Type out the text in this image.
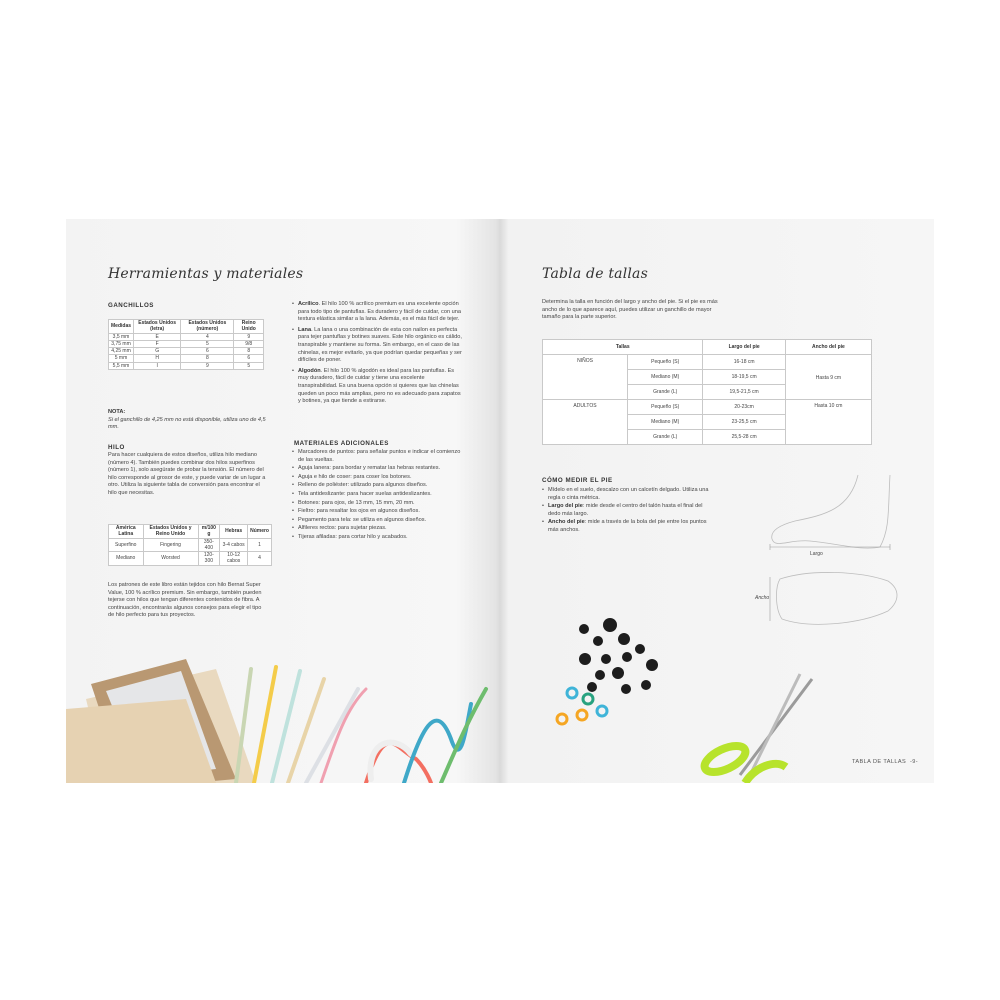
Herramientas y materiales
GANCHILLOS
Medidas	Estados Unidos (letra)	Estados Unidos (número)	Reino Unido
3,5 mm	E	4	9
3,75 mm	F	5	9/8
4,25 mm	G	6	8
5 mm	H	8	6
5,5 mm	I	9	5
NOTA:
Si el ganchillo de 4,25 mm no está disponible, utiliza uno de 4,5 mm.
HILO
Para hacer cualquiera de estos diseños, utiliza hilo mediano (número 4). También puedes combinar dos hilos superfinos (número 1), solo asegúrate de probar la tensión. El número del hilo corresponde al grosor de este, y puede variar de un lugar a otro. Utiliza la siguiente tabla de conversión para encontrar el hilo que necesitas.
América Latina	Estados Unidos y Reino Unido	m/100 g	Hebras	Número
Superfino	Fingering	350-400	3-4 cabos	1
Mediano	Worsted	120-300	10-12 cabos	4
Los patrones de este libro están tejidos con hilo Bernat Super Value, 100 % acrílico premium. Sin embargo, también pueden tejerse con hilos que tengan diferentes contenidos de fibra. A continuación, encontrarás algunos consejos para elegir el tipo de hilo perfecto para tus proyectos.
• Acrílico. El hilo 100 % acrílico premium es una excelente opción para todo tipo de pantuflas. Es duradero y fácil de cuidar, con una textura elástica similar a la lana. Además, es el más fácil de tejer.
• Lana. La lana o una combinación de esta con nailon es perfecta para tejer pantuflas y botines suaves. Este hilo orgánico es cálido, transpirable y mantiene su forma. Sin embargo, en el caso de las chinelas, es mejor evitarlo, ya que podrían quedar pequeñas y ser difíciles de poner.
• Algodón. El hilo 100 % algodón es ideal para las pantuflas. Es muy duradero, fácil de cuidar y tiene una excelente transpirabilidad. Es una buena opción si quieres que las chinelas queden un poco más amplias, pero no es adecuado para zapatos y botines, ya que tiende a estirarse.
MATERIALES ADICIONALES
• Marcadores de puntos: para señalar puntos e indicar el comienzo de las vueltas.
• Aguja lanera: para bordar y rematar las hebras restantes.
• Aguja e hilo de coser: para coser los botones.
• Relleno de poliéster: utilizado para algunos diseños.
• Tela antideslizante: para hacer suelas antideslizantes.
• Botones: para ojos, de 13 mm, 15 mm, 20 mm.
• Fieltro: para resaltar los ojos en algunos diseños.
• Pegamento para tela: se utiliza en algunos diseños.
• Alfileres rectos: para sujetar piezas.
• Tijeras afiladas: para cortar hilo y acabados.
Tabla de tallas
Determina la talla en función del largo y ancho del pie. Si el pie es más ancho de lo que aparece aquí, puedes utilizar un ganchillo de mayor tamaño para la parte superior.
Tallas		Largo del pie	Ancho del pie
NIÑOS	Pequeño (S)	16-18 cm	Hasta 9 cm
	Mediano (M)	18-19,5 cm	
	Grande (L)	19,5-21,5 cm	
ADULTOS	Pequeño (S)	20-23cm	Hasta 10 cm
	Mediano (M)	23-25,5 cm	
	Grande (L)	25,5-28 cm	
CÓMO MEDIR EL PIE
• Mídelo en el suelo, descalzo con un calcetín delgado. Utiliza una regla o cinta métrica.
• Largo del pie: mide desde el centro del talón hasta el final del dedo más largo.
• Ancho del pie: mide a través de la bola del pie entre los puntos más anchos.
Largo
Ancho
TABLA DE TALLAS -9-
